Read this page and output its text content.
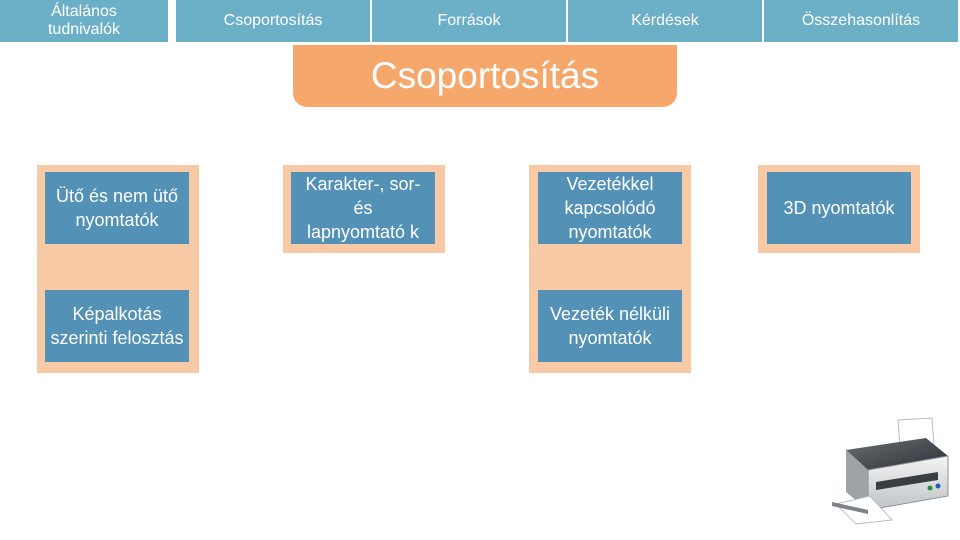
Általános tudnivalók
Csoportosítás	Források	Kérdések	Összehasonlítás
Csoportosítás
Ütő és nem ütő nyomtatók
Képalkotás szerinti felosztás
Karakter-, sor- és lapnyomtató k
Vezetékkel kapcsolódó nyomtatók
Vezeték nélküli nyomtatók
3D nyomtatók
